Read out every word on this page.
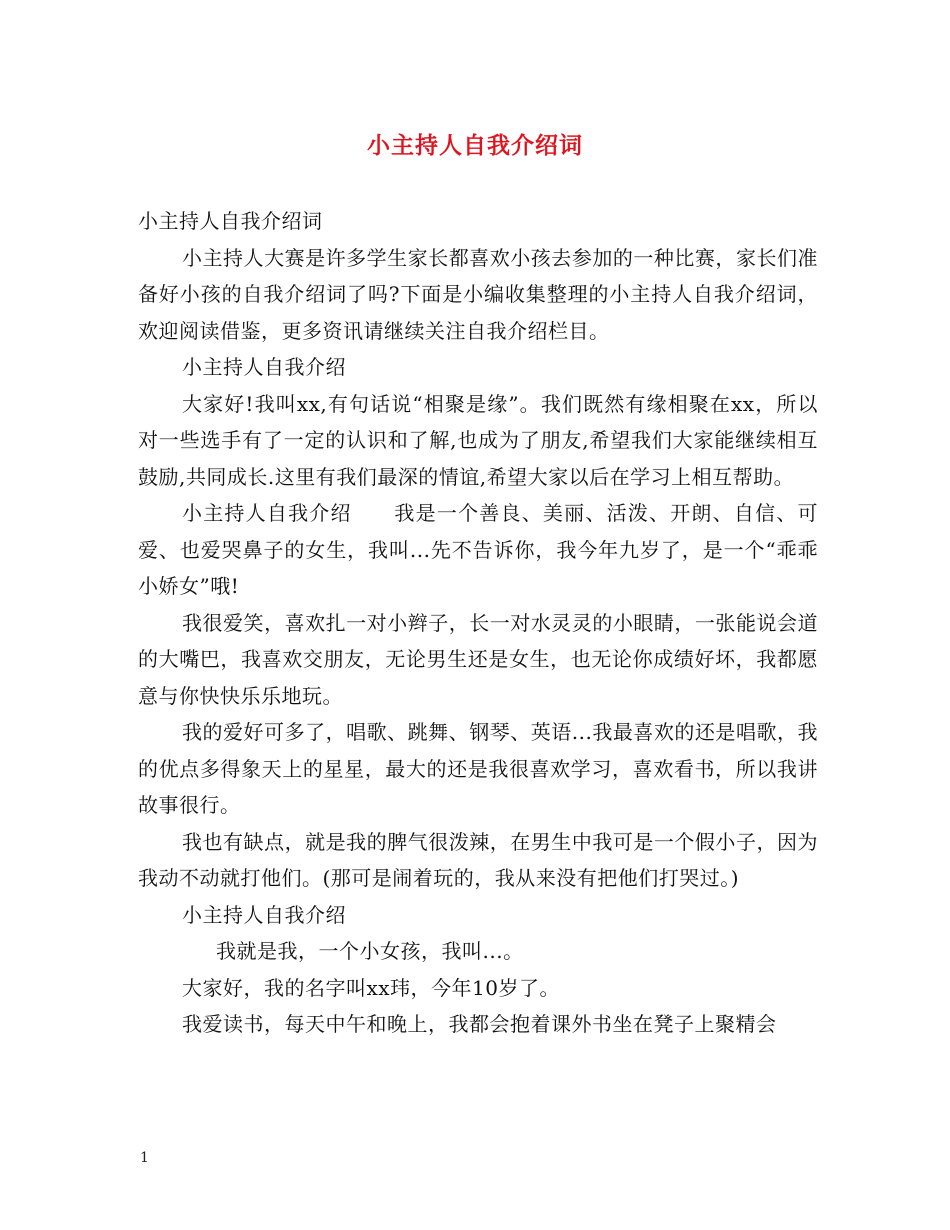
小主持人自我介绍词

小主持人自我介绍词

小主持人大赛是许多学生家长都喜欢小孩去参加的一种比赛，家长们准备好小孩的自我介绍词了吗?下面是小编收集整理的小主持人自我介绍词，欢迎阅读借鉴，更多资讯请继续关注自我介绍栏目。

小主持人自我介绍

大家好!我叫xx,有句话说“相聚是缘”。我们既然有缘相聚在xx，所以对一些选手有了一定的认识和了解,也成为了朋友,希望我们大家能继续相互鼓励,共同成长.这里有我们最深的情谊,希望大家以后在学习上相互帮助。

小主持人自我介绍 我是一个善良、美丽、活泼、开朗、自信、可爱、也爱哭鼻子的女生，我叫...先不告诉你，我今年九岁了，是一个“乖乖小娇女”哦!

我很爱笑，喜欢扎一对小辫子，长一对水灵灵的小眼睛，一张能说会道的大嘴巴，我喜欢交朋友，无论男生还是女生，也无论你成绩好坏，我都愿意与你快快乐乐地玩。

我的爱好可多了，唱歌、跳舞、钢琴、英语...我最喜欢的还是唱歌，我的优点多得象天上的星星，最大的还是我很喜欢学习，喜欢看书，所以我讲故事很行。

我也有缺点，就是我的脾气很泼辣，在男生中我可是一个假小子，因为我动不动就打他们。(那可是闹着玩的，我从来没有把他们打哭过。)

小主持人自我介绍

我就是我，一个小女孩，我叫...。

大家好，我的名字叫xx玮，今年10岁了。

我爱读书，每天中午和晚上，我都会抱着课外书坐在凳子上聚精会

1
